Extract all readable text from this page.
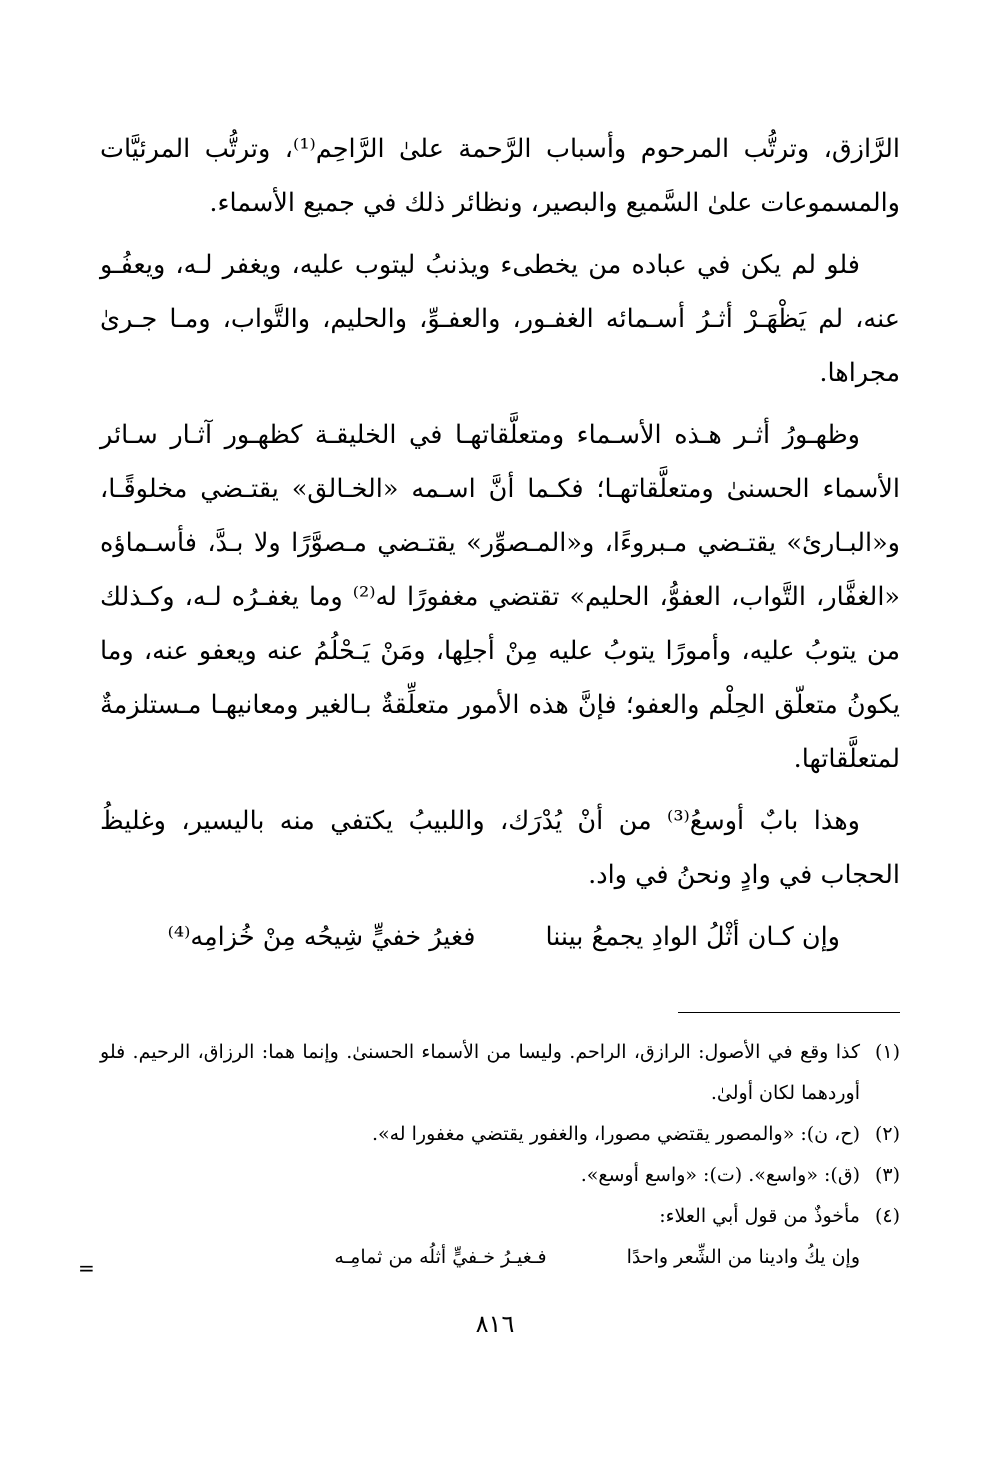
الرَّازق، وترتُّب المرحوم وأسباب الرَّحمة علىٰ الرَّاحِم⁽¹⁾، وترتُّب المرئيَّات والمسموعات علىٰ السَّميع والبصير، ونظائر ذلك في جميع الأسماء.

فلو لم يكن في عباده من يخطىء ويذنبُ ليتوب عليه، ويغفر لـه، ويعفُـو عنه، لم يَظْهَـرْ أثـرُ أسـمائه الغفـور، والعفـوِّ، والحليم، والتَّواب، ومـا جـرىٰ مجراها.

وظهـورُ أثـر هـذه الأسـماء ومتعلَّقاتهـا في الخليقـة كظهـور آثـار سـائر الأسماء الحسنىٰ ومتعلَّقاتهـا؛ فكـما أنَّ اسـمه «الخـالق» يقتـضي مخلوقًـا، و«البـارئ» يقتـضي مـبروءًا، و«المـصوِّر» يقتـضي مـصوَّرًا ولا بـدَّ، فأسـماؤه «الغفَّار، التَّواب، العفوُّ، الحليم» تقتضي مغفورًا له⁽²⁾ وما يغفـرُه لـه، وكـذلك من يتوبُ عليه، وأمورًا يتوبُ عليه مِنْ أجلِها، ومَنْ يَـحْلُمُ عنه ويعفو عنه، وما يكونُ متعلّق الحِلْم والعفو؛ فإنَّ هذه الأمور متعلِّقةٌ بـالغير ومعانيهـا مـستلزمةٌ لمتعلَّقاتها.

وهذا بابٌ أوسعُ⁽³⁾ من أنْ يُدْرَك، واللبيبُ يكتفي منه باليسير، وغليظُ الحجاب في وادٍ ونحنُ في واد.

وإن كـان أثْلُ الوادِ يجمعُ بيننا
فغيرُ خفيٍّ شِيحُه مِنْ خُزامِه⁽⁴⁾
(١)
كذا وقع في الأصول: الرازق، الراحم. وليسا من الأسماء الحسنىٰ. وإنما هما: الرزاق، الرحيم. فلو أوردهما لكان أولىٰ.
(٢)
(ح، ن): «والمصور يقتضي مصورا، والغفور يقتضي مغفورا له».
(٣)
(ق): «واسع». (ت): «واسع أوسع».
(٤)
مأخوذٌ من قول أبي العلاء:
وإن يكُ وادينا من الشِّعر واحدًا
فـغيـرُ خـفيٍّ أثلُه من ثمامِـه
=
٨١٦
